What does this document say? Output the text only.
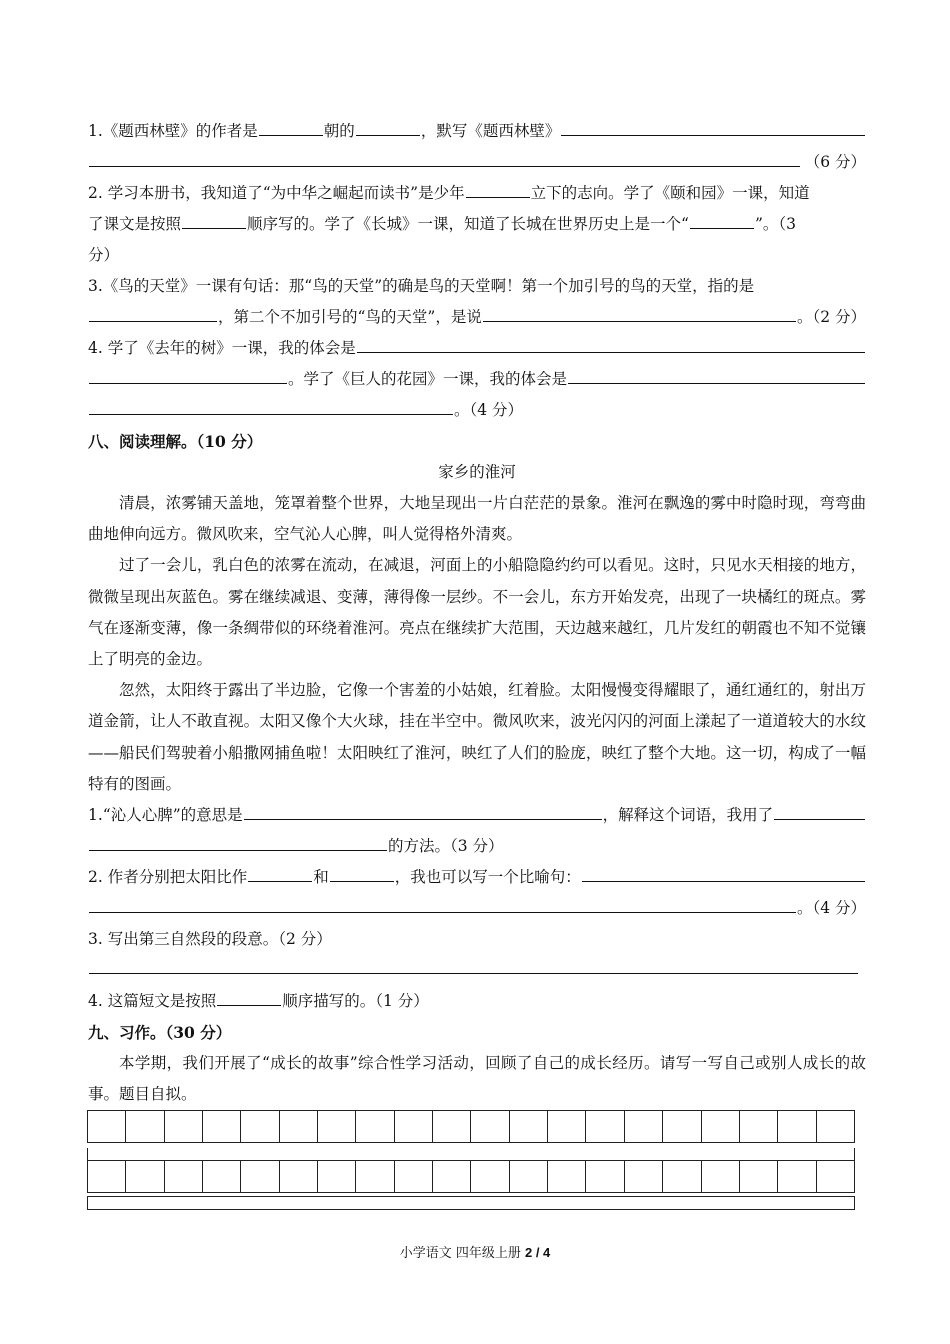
1.《题西林壁》的作者是	朝的	，默写《题西林壁》
（6 分）
2. 学习本册书，我知道了“为中华之崛起而读书”是少年	立下的志向。学了《颐和园》一课，知道
了课文是按照	顺序写的。学了《长城》一课，知道了长城在世界历史上是一个“	”。（3
分）
3.《鸟的天堂》一课有句话：那“鸟的天堂”的确是鸟的天堂啊！第一个加引号的鸟的天堂，指的是
，第二个不加引号的“鸟的天堂”，是说	。（2 分）
4. 学了《去年的树》一课，我的体会是
。学了《巨人的花园》一课，我的体会是
。（4 分）
八、阅读理解。（10 分）
家乡的淮河

清晨，浓雾铺天盖地，笼罩着整个世界，大地呈现出一片白茫茫的景象。淮河在飘逸的雾中时隐时现，弯弯曲曲地伸向远方。微风吹来，空气沁人心脾，叫人觉得格外清爽。

过了一会儿，乳白色的浓雾在流动，在减退，河面上的小船隐隐约约可以看见。这时，只见水天相接的地方，微微呈现出灰蓝色。雾在继续减退、变薄，薄得像一层纱。不一会儿，东方开始发亮，出现了一块橘红的斑点。雾气在逐渐变薄，像一条绸带似的环绕着淮河。亮点在继续扩大范围，天边越来越红，几片发红的朝霞也不知不觉镶上了明亮的金边。

忽然，太阳终于露出了半边脸，它像一个害羞的小姑娘，红着脸。太阳慢慢变得耀眼了，通红通红的，射出万道金箭，让人不敢直视。太阳又像个大火球，挂在半空中。微风吹来，波光闪闪的河面上漾起了一道道较大的水纹——船民们驾驶着小船撒网捕鱼啦！太阳映红了淮河，映红了人们的脸庞，映红了整个大地。这一切，构成了一幅特有的图画。

1.“沁人心脾”的意思是	，解释这个词语，我用了
的方法。（3 分）
2. 作者分别把太阳比作	和	，我也可以写一个比喻句：
。（4 分）
3. 写出第三自然段的段意。（2 分）
4. 这篇短文是按照	顺序描写的。（1 分）
九、习作。（30 分）

本学期，我们开展了“成长的故事”综合性学习活动，回顾了自己的成长经历。请写一写自己或别人成长的故事。题目自拟。

小学语文 四年级上册 2 / 4
